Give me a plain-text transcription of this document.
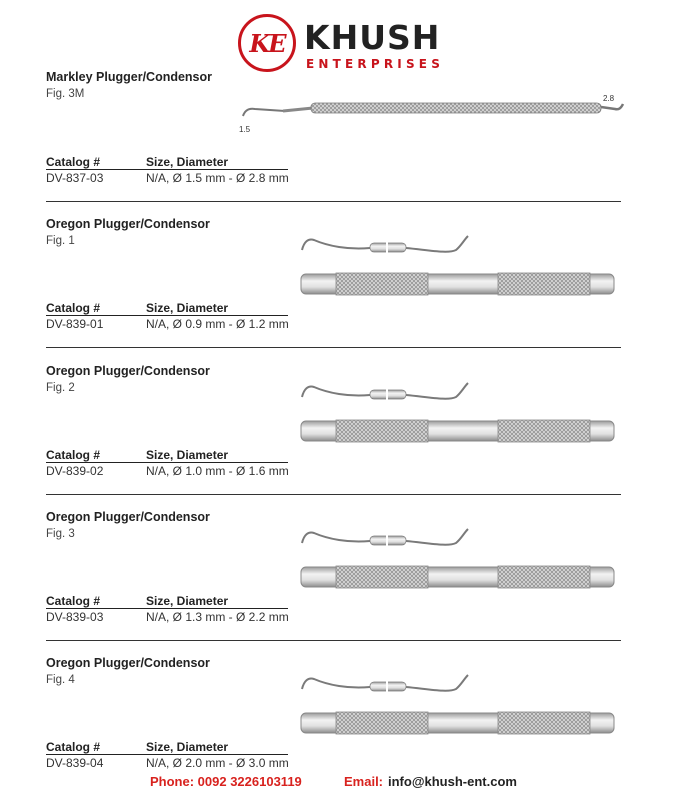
KE KHUSH
ENTERPRISES
Markley Plugger/Condensor
Fig. 3M
1.5
2.8
Catalog #	Size, Diameter
DV-837-03	N/A, Ø 1.5 mm - Ø 2.8 mm
Oregon Plugger/Condensor
Fig. 1
Catalog #	Size, Diameter
DV-839-01	N/A, Ø 0.9 mm - Ø 1.2 mm
Oregon Plugger/Condensor
Fig. 2
Catalog #	Size, Diameter
DV-839-02	N/A, Ø 1.0 mm - Ø 1.6 mm
Oregon Plugger/Condensor
Fig. 3
Catalog #	Size, Diameter
DV-839-03	N/A, Ø 1.3 mm - Ø 2.2 mm
Oregon Plugger/Condensor
Fig. 4
Catalog #	Size, Diameter
DV-839-04	N/A, Ø 2.0 mm - Ø 3.0 mm
Phone: 0092 3226103119	Email: info@khush-ent.com
